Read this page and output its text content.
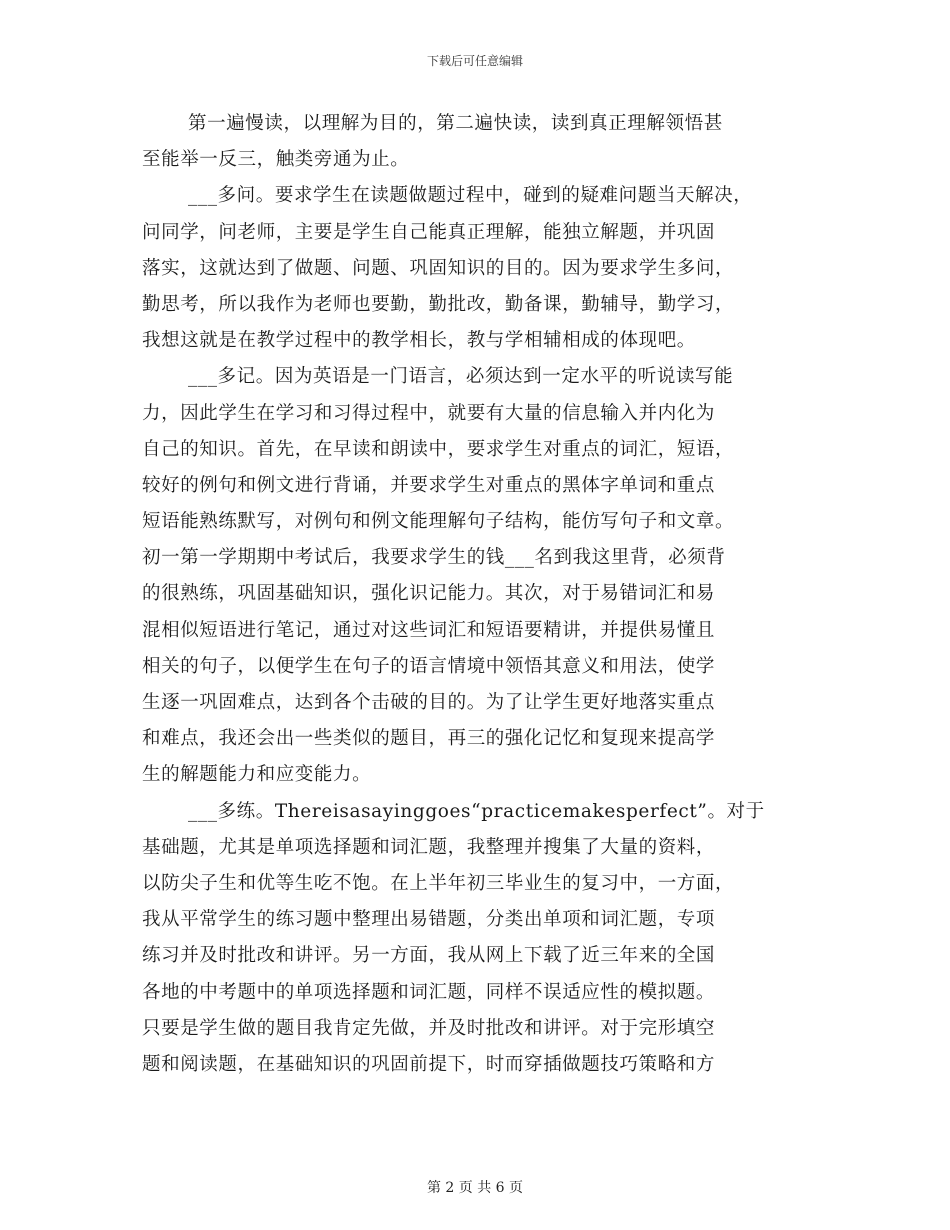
下载后可任意编辑
第一遍慢读，以理解为目的，第二遍快读，读到真正理解领悟甚
至能举一反三，触类旁通为止。
___多问。要求学生在读题做题过程中，碰到的疑难问题当天解决，
问同学，问老师，主要是学生自己能真正理解，能独立解题，并巩固
落实，这就达到了做题、问题、巩固知识的目的。因为要求学生多问，
勤思考，所以我作为老师也要勤，勤批改，勤备课，勤辅导，勤学习，
我想这就是在教学过程中的教学相长，教与学相辅相成的体现吧。
___多记。因为英语是一门语言，必须达到一定水平的听说读写能
力，因此学生在学习和习得过程中，就要有大量的信息输入并内化为
自己的知识。首先，在早读和朗读中，要求学生对重点的词汇，短语，
较好的例句和例文进行背诵，并要求学生对重点的黑体字单词和重点
短语能熟练默写，对例句和例文能理解句子结构，能仿写句子和文章。
初一第一学期期中考试后，我要求学生的钱___名到我这里背，必须背
的很熟练，巩固基础知识，强化识记能力。其次，对于易错词汇和易
混相似短语进行笔记，通过对这些词汇和短语要精讲，并提供易懂且
相关的句子，以便学生在句子的语言情境中领悟其意义和用法，使学
生逐一巩固难点，达到各个击破的目的。为了让学生更好地落实重点
和难点，我还会出一些类似的题目，再三的强化记忆和复现来提高学
生的解题能力和应变能力。
___多练。Thereisasayinggoes“practicemakesperfect”。对于
基础题，尤其是单项选择题和词汇题，我整理并搜集了大量的资料，
以防尖子生和优等生吃不饱。在上半年初三毕业生的复习中，一方面，
我从平常学生的练习题中整理出易错题，分类出单项和词汇题，专项
练习并及时批改和讲评。另一方面，我从网上下载了近三年来的全国
各地的中考题中的单项选择题和词汇题，同样不误适应性的模拟题。
只要是学生做的题目我肯定先做，并及时批改和讲评。对于完形填空
题和阅读题，在基础知识的巩固前提下，时而穿插做题技巧策略和方
第 2 页 共 6 页
